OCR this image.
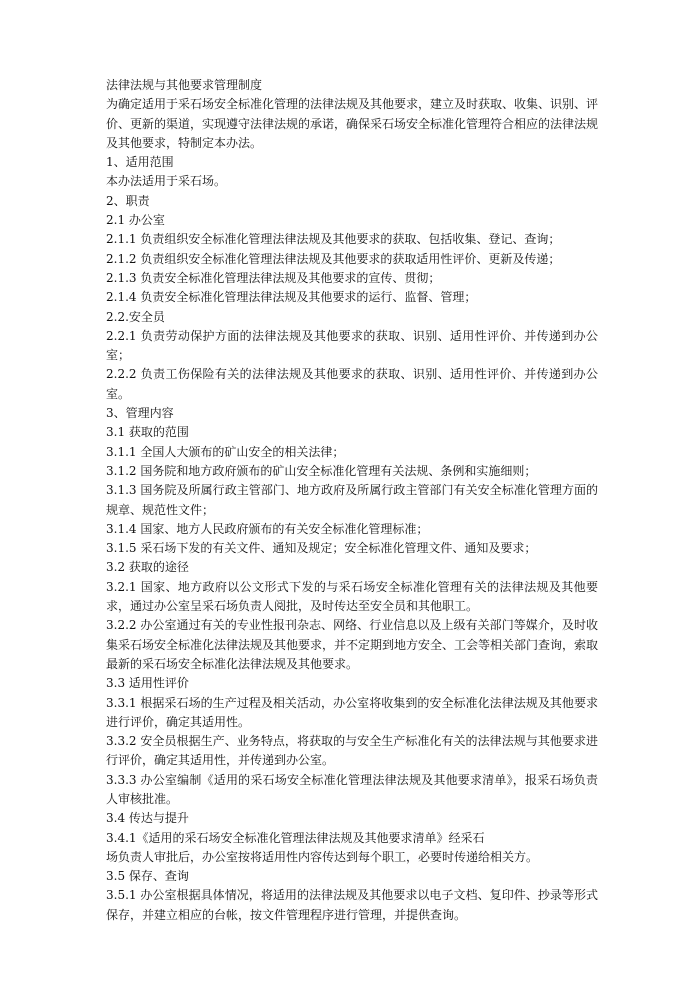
法律法规与其他要求管理制度

为确定适用于采石场安全标准化管理的法律法规及其他要求，建立及时获取、收集、识别、评价、更新的渠道，实现遵守法律法规的承诺，确保采石场安全标准化管理符合相应的法律法规及其他要求，特制定本办法。

1、适用范围

本办法适用于采石场。

2、职责

2.1 办公室

2.1.1 负责组织安全标准化管理法律法规及其他要求的获取、包括收集、登记、查询；

2.1.2 负责组织安全标准化管理法律法规及其他要求的获取适用性评价、更新及传递；

2.1.3 负责安全标准化管理法律法规及其他要求的宣传、贯彻；

2.1.4 负责安全标准化管理法律法规及其他要求的运行、监督、管理；

2.2.安全员

2.2.1 负责劳动保护方面的法律法规及其他要求的获取、识别、适用性评价、并传递到办公室；

2.2.2 负责工伤保险有关的法律法规及其他要求的获取、识别、适用性评价、并传递到办公室。

3、管理内容

3.1 获取的范围

3.1.1 全国人大颁布的矿山安全的相关法律；

3.1.2 国务院和地方政府颁布的矿山安全标准化管理有关法规、条例和实施细则；

3.1.3 国务院及所属行政主管部门、地方政府及所属行政主管部门有关安全标准化管理方面的规章、规范性文件；

3.1.4 国家、地方人民政府颁布的有关安全标准化管理标准；

3.1.5 采石场下发的有关文件、通知及规定；安全标准化管理文件、通知及要求；

3.2 获取的途径

3.2.1 国家、地方政府以公文形式下发的与采石场安全标准化管理有关的法律法规及其他要求，通过办公室呈采石场负责人阅批，及时传达至安全员和其他职工。

3.2.2 办公室通过有关的专业性报刊杂志、网络、行业信息以及上级有关部门等媒介，及时收集采石场安全标准化法律法规及其他要求，并不定期到地方安全、工会等相关部门查询，索取最新的采石场安全标准化法律法规及其他要求。

3.3 适用性评价

3.3.1 根据采石场的生产过程及相关活动，办公室将收集到的安全标准化法律法规及其他要求进行评价，确定其适用性。

3.3.2 安全员根据生产、业务特点，将获取的与安全生产标准化有关的法律法规与其他要求进行评价，确定其适用性，并传递到办公室。

3.3.3 办公室编制《适用的采石场安全标准化管理法律法规及其他要求清单》，报采石场负责人审核批准。

3.4 传达与提升

3.4.1《适用的采石场安全标准化管理法律法规及其他要求清单》经采石

场负责人审批后，办公室按将适用性内容传达到每个职工，必要时传递给相关方。

3.5 保存、查询

3.5.1 办公室根据具体情况，将适用的法律法规及其他要求以电子文档、复印件、抄录等形式保存，并建立相应的台帐，按文件管理程序进行管理，并提供查询。
